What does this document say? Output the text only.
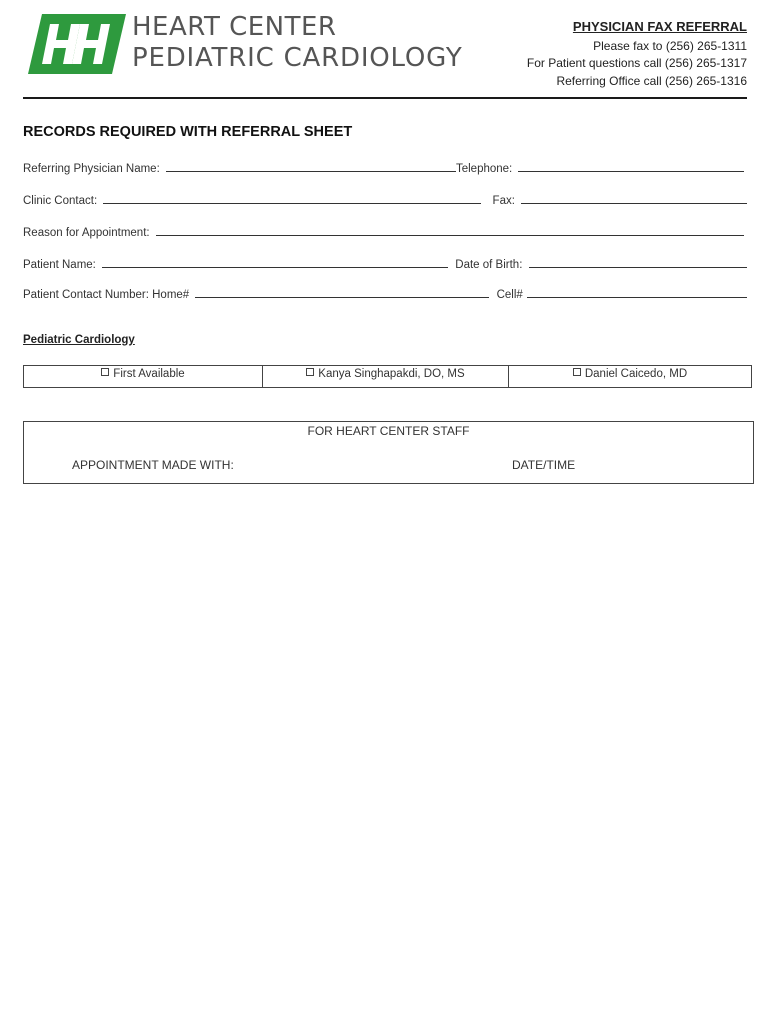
HEART CENTER
PEDIATRIC CARDIOLOGY
PHYSICIAN FAX REFERRAL
Please fax to (256) 265-1311
For Patient questions call (256) 265-1317
Referring Office call (256) 265-1316
RECORDS REQUIRED WITH REFERRAL SHEET
Referring Physician Name:	Telephone:
Clinic Contact:	Fax:
Reason for Appointment:
Patient Name:	Date of Birth:
Patient Contact Number: Home#	Cell#
Pediatric Cardiology
First Available	Kanya Singhapakdi, DO, MS	Daniel Caicedo, MD
FOR HEART CENTER STAFF
APPOINTMENT MADE WITH:	DATE/TIME
